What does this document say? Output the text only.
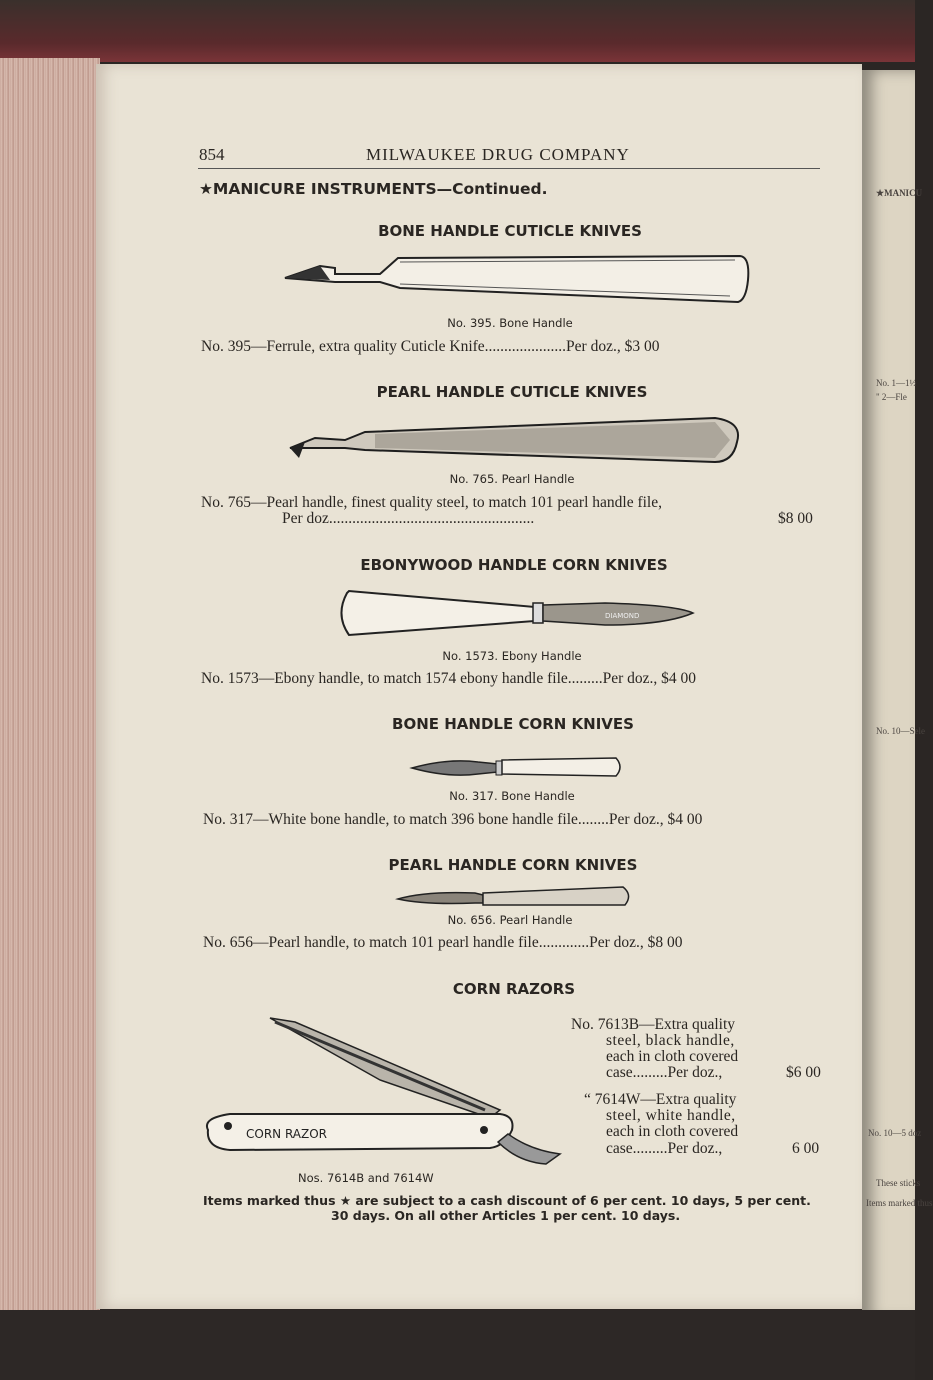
854	MILWAUKEE DRUG COMPANY
★MANICURE INSTRUMENTS—Continued.
BONE HANDLE CUTICLE KNIVES
No. 395. Bone Handle
No. 395—Ferrule, extra quality Cuticle Knife.....................Per doz., $3 00
PEARL HANDLE CUTICLE KNIVES
No. 765. Pearl Handle
No. 765—Pearl handle, finest quality steel, to match 101 pearl handle file,
Per doz.....................................................	$8 00
EBONYWOOD HANDLE CORN KNIVES
DIAMOND
No. 1573. Ebony Handle
No. 1573—Ebony handle, to match 1574 ebony handle file.........Per doz., $4 00
BONE HANDLE CORN KNIVES
No. 317. Bone Handle
No. 317—White bone handle, to match 396 bone handle file........Per doz., $4 00
PEARL HANDLE CORN KNIVES
No. 656. Pearl Handle
No. 656—Pearl handle, to match 101 pearl handle file.............Per doz., $8 00
CORN RAZORS
CORN RAZOR
Nos. 7614B and 7614W
No. 7613B—Extra quality
steel, black handle,
each in cloth covered
case.........Per doz.,	$6 00
“ 7614W—Extra quality
steel, white handle,
each in cloth covered
case.........Per doz.,	6 00
Items marked thus ★ are subject to a cash discount of 6 per cent. 10 days, 5 per cent.
30 days. On all other Articles 1 per cent. 10 days.
★MANICU
No. 1—1½
" 2—Fle
No. 10—Sele
No. 10—5 doz
These sticks
Items marked thus
